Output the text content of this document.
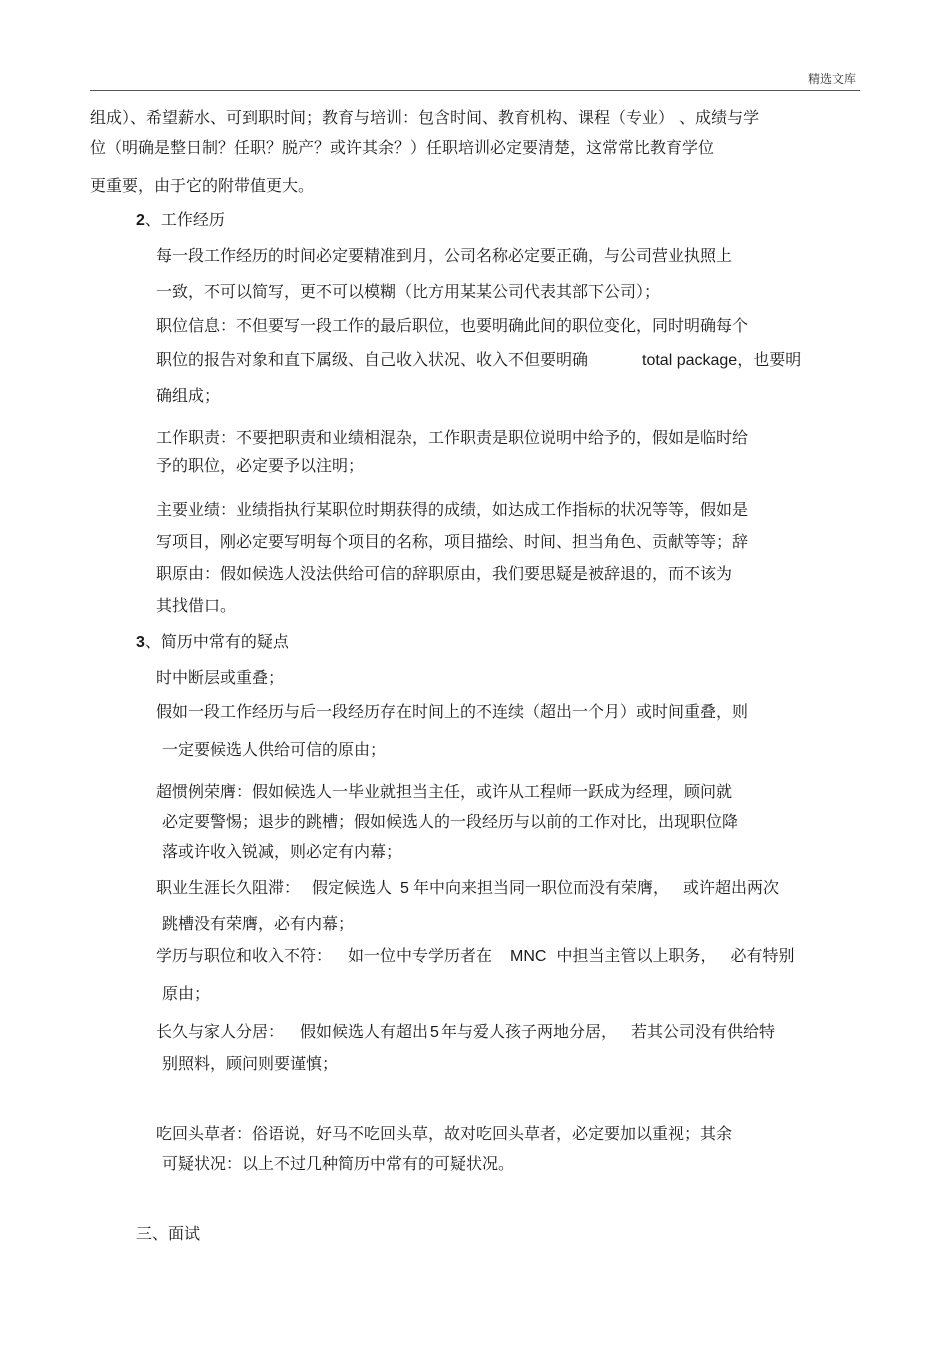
精选文库
组成）、希望薪水、可到职时间；教育与培训：包含时间、教育机构、课程（专业） 、成绩与学
位（明确是整日制？任职？脱产？或许其余？）任职培训必定要清楚，这常常比教育学位
更重要，由于它的附带值更大。
2、工作经历
每一段工作经历的时间必定要精准到月，公司名称必定要正确，与公司营业执照上
一致，不可以简写，更不可以模糊（比方用某某公司代表其部下公司）；
职位信息：不但要写一段工作的最后职位，也要明确此间的职位变化，同时明确每个
职位的报告对象和直下属级、自己收入状况、收入不但要明确	total package，也要明
确组成；
工作职责：不要把职责和业绩相混杂，工作职责是职位说明中给予的，假如是临时给
予的职位，必定要予以注明；
主要业绩：业绩指执行某职位时期获得的成绩，如达成工作指标的状况等等，假如是
写项目，刚必定要写明每个项目的名称，项目描绘、时间、担当角色、贡献等等；辞
职原由：假如候选人没法供给可信的辞职原由，我们要思疑是被辞退的，而不该为
其找借口。
3、简历中常有的疑点
时中断层或重叠；
假如一段工作经历与后一段经历存在时间上的不连续（超出一个月）或时间重叠，则
一定要候选人供给可信的原由；
超惯例荣膺：假如候选人一毕业就担当主任，或许从工程师一跃成为经理，顾问就
必定要警惕；退步的跳槽；假如候选人的一段经历与以前的工作对比，出现职位降
落或许收入锐减，则必定有内幕；
职业生涯长久阻滞： 假定候选人 5 年中向来担当同一职位而没有荣膺， 或许超出两次
跳槽没有荣膺，必有内幕；
学历与职位和收入不符： 如一位中专学历者在 MNC 中担当主管以上职务， 必有特别
原由；
长久与家人分居： 假如候选人有超出 5 年与爱人孩子两地分居， 若其公司没有供给特
别照料，顾问则要谨慎；
吃回头草者：俗语说，好马不吃回头草，故对吃回头草者，必定要加以重视；其余
可疑状况：以上不过几种简历中常有的可疑状况。
三、面试
